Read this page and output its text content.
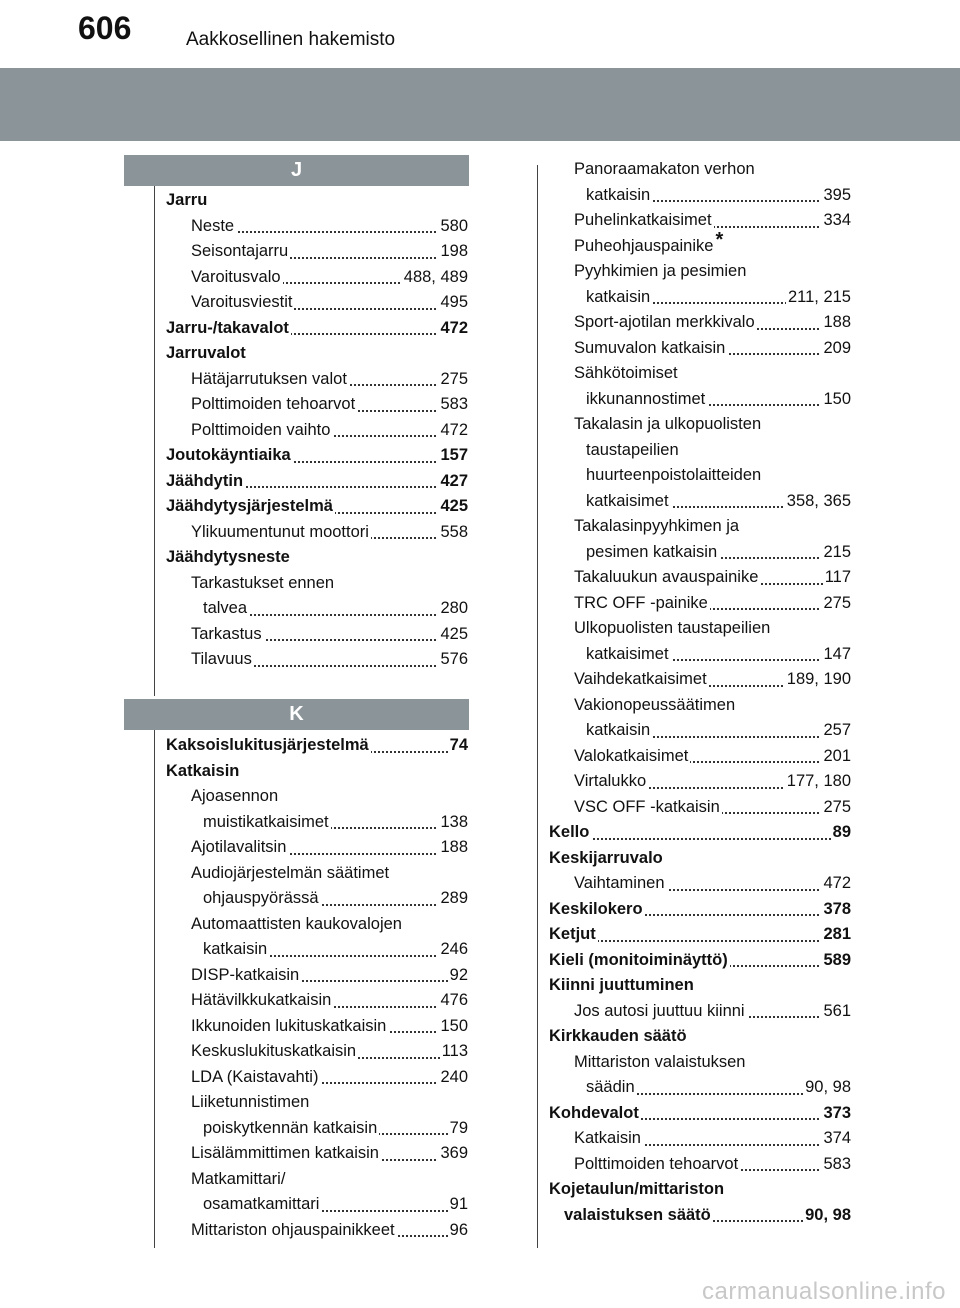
606	Aakkosellinen hakemisto
J
Jarru
Neste	580
Seisontajarru	198
Varoitusvalo	488, 489
Varoitusviestit	495
Jarru-/takavalot	472
Jarruvalot
Hätäjarrutuksen valot	275
Polttimoiden tehoarvot	583
Polttimoiden vaihto	472
Joutokäyntiaika	157
Jäähdytin	427
Jäähdytysjärjestelmä	425
Ylikuumentunut moottori	558
Jäähdytysneste
Tarkastukset ennen
talvea	280
Tarkastus	425
Tilavuus	576
K
Kaksoislukitusjärjestelmä	74
Katkaisin
Ajoasennon
muistikatkaisimet	138
Ajotilavalitsin	188
Audiojärjestelmän säätimet
ohjauspyörässä	289
Automaattisten kaukovalojen
katkaisin	246
DISP-katkaisin	92
Hätävilkkukatkaisin	476
Ikkunoiden lukituskatkaisin	150
Keskuslukituskatkaisin	113
LDA (Kaistavahti)	240
Liiketunnistimen
poiskytkennän katkaisin	79
Lisälämmittimen katkaisin	369
Matkamittari/
osamatkamittari	91
Mittariston ohjauspainikkeet	96
Panoraamakaton verhon
katkaisin	395
Puhelinkatkaisimet	334
Puheohjauspainike *
Pyyhkimien ja pesimien
katkaisin	211, 215
Sport-ajotilan merkkivalo	188
Sumuvalon katkaisin	209
Sähkötoimiset
ikkunannostimet	150
Takalasin ja ulkopuolisten
taustapeilien
huurteenpoistolaitteiden
katkaisimet	358, 365
Takalasinpyyhkimen ja
pesimen katkaisin	215
Takaluukun avauspainike	117
TRC OFF -painike	275
Ulkopuolisten taustapeilien
katkaisimet	147
Vaihdekatkaisimet	189, 190
Vakionopeussäätimen
katkaisin	257
Valokatkaisimet	201
Virtalukko	177, 180
VSC OFF -katkaisin	275
Kello	89
Keskijarruvalo
Vaihtaminen	472
Keskilokero	378
Ketjut	281
Kieli (monitoiminäyttö)	589
Kiinni juuttuminen
Jos autosi juuttuu kiinni	561
Kirkkauden säätö
Mittariston valaistuksen
säädin	90, 98
Kohdevalot	373
Katkaisin	374
Polttimoiden tehoarvot	583
Kojetaulun/mittariston
valaistuksen säätö	90, 98
carmanualsonline.info
